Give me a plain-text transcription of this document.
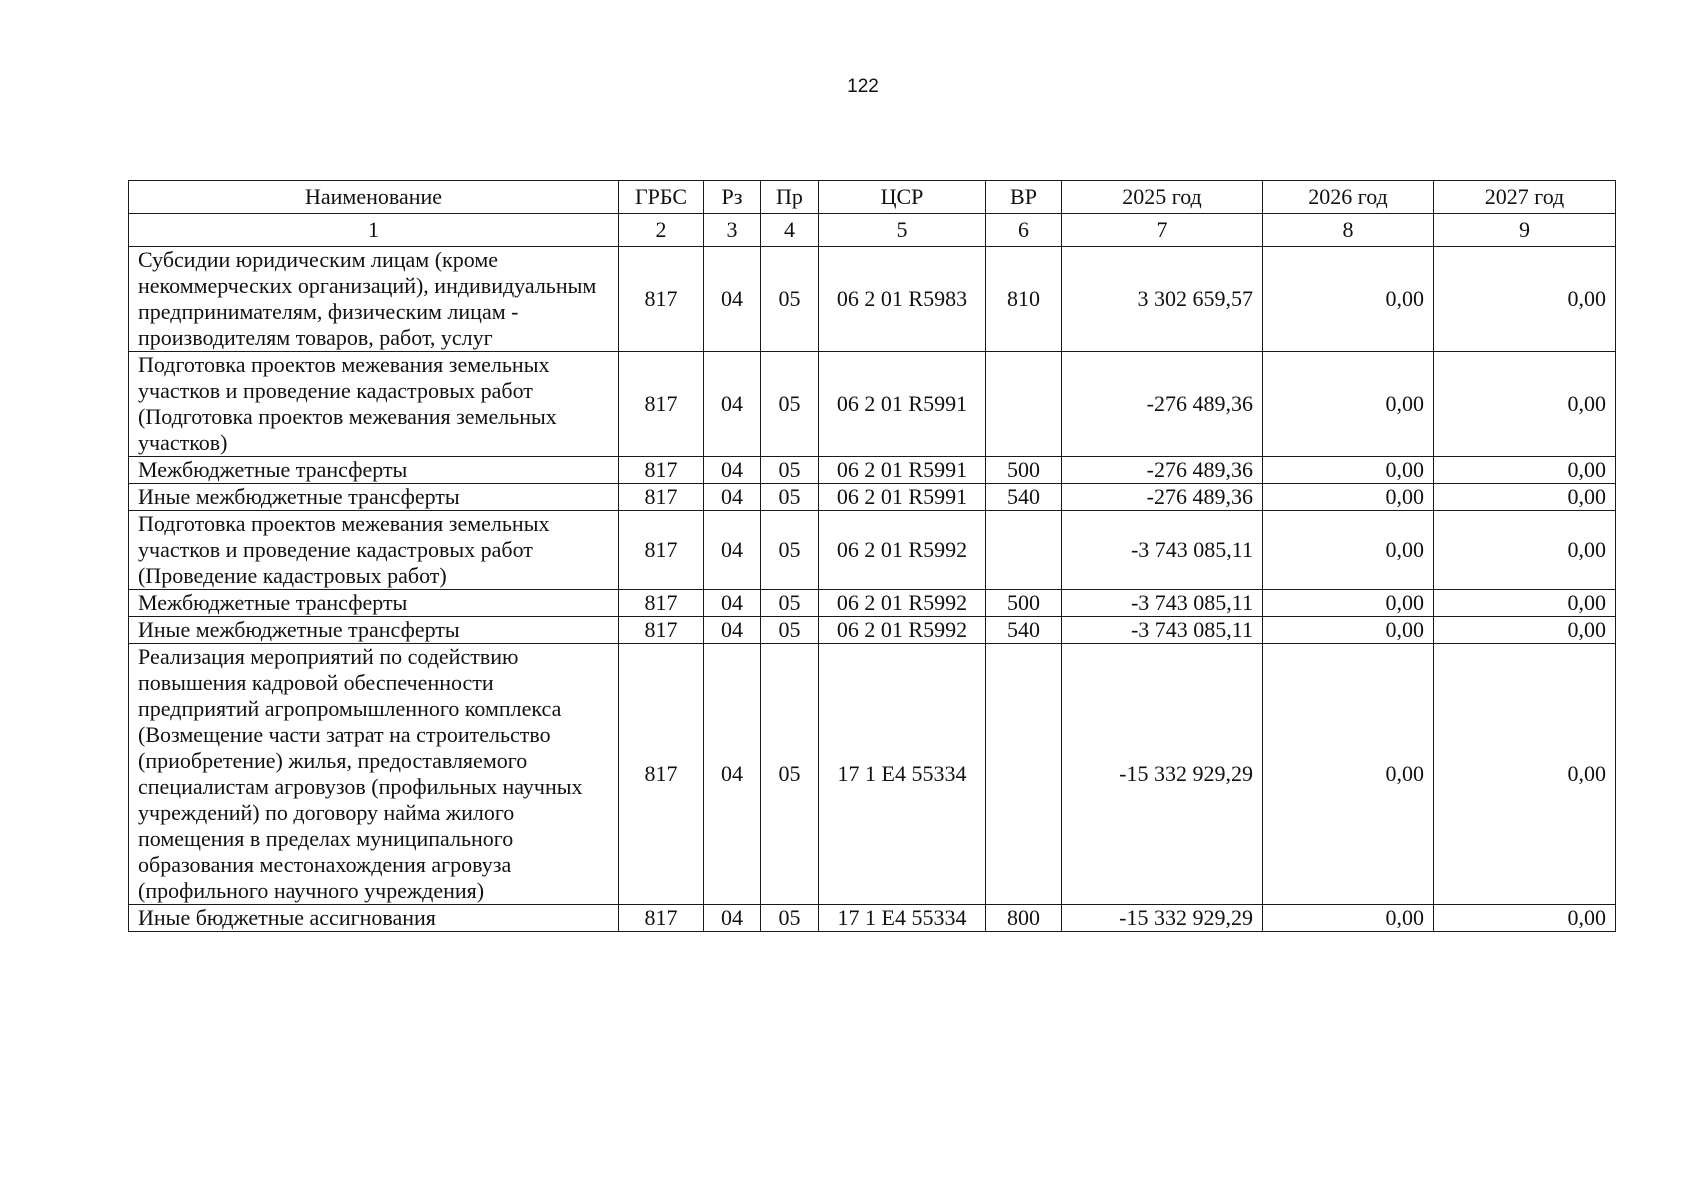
122
Наименование	ГРБС	Рз	Пр	ЦСР	ВР	2025 год	2026 год	2027 год
1	2	3	4	5	6	7	8	9
Субсидии юридическим лицам (кроме некоммерческих организаций), индивидуальным предпринимателям, физическим лицам - производителям товаров, работ, услуг	817	04	05	06 2 01 R5983	810	3 302 659,57	0,00	0,00
Подготовка проектов межевания земельных участков и проведение кадастровых работ (Подготовка проектов межевания земельных участков)	817	04	05	06 2 01 R5991		-276 489,36	0,00	0,00
Межбюджетные трансферты	817	04	05	06 2 01 R5991	500	-276 489,36	0,00	0,00
Иные межбюджетные трансферты	817	04	05	06 2 01 R5991	540	-276 489,36	0,00	0,00
Подготовка проектов межевания земельных участков и проведение кадастровых работ (Проведение кадастровых работ)	817	04	05	06 2 01 R5992		-3 743 085,11	0,00	0,00
Межбюджетные трансферты	817	04	05	06 2 01 R5992	500	-3 743 085,11	0,00	0,00
Иные межбюджетные трансферты	817	04	05	06 2 01 R5992	540	-3 743 085,11	0,00	0,00
Реализация мероприятий по содействию повышения кадровой обеспеченности предприятий агропромышленного комплекса (Возмещение части затрат на строительство (приобретение) жилья, предоставляемого специалистам агровузов (профильных научных учреждений) по договору найма жилого помещения в пределах муниципального образования местонахождения агровуза (профильного научного учреждения)	817	04	05	17 1 E4 55334		-15 332 929,29	0,00	0,00
Иные бюджетные ассигнования	817	04	05	17 1 E4 55334	800	-15 332 929,29	0,00	0,00
